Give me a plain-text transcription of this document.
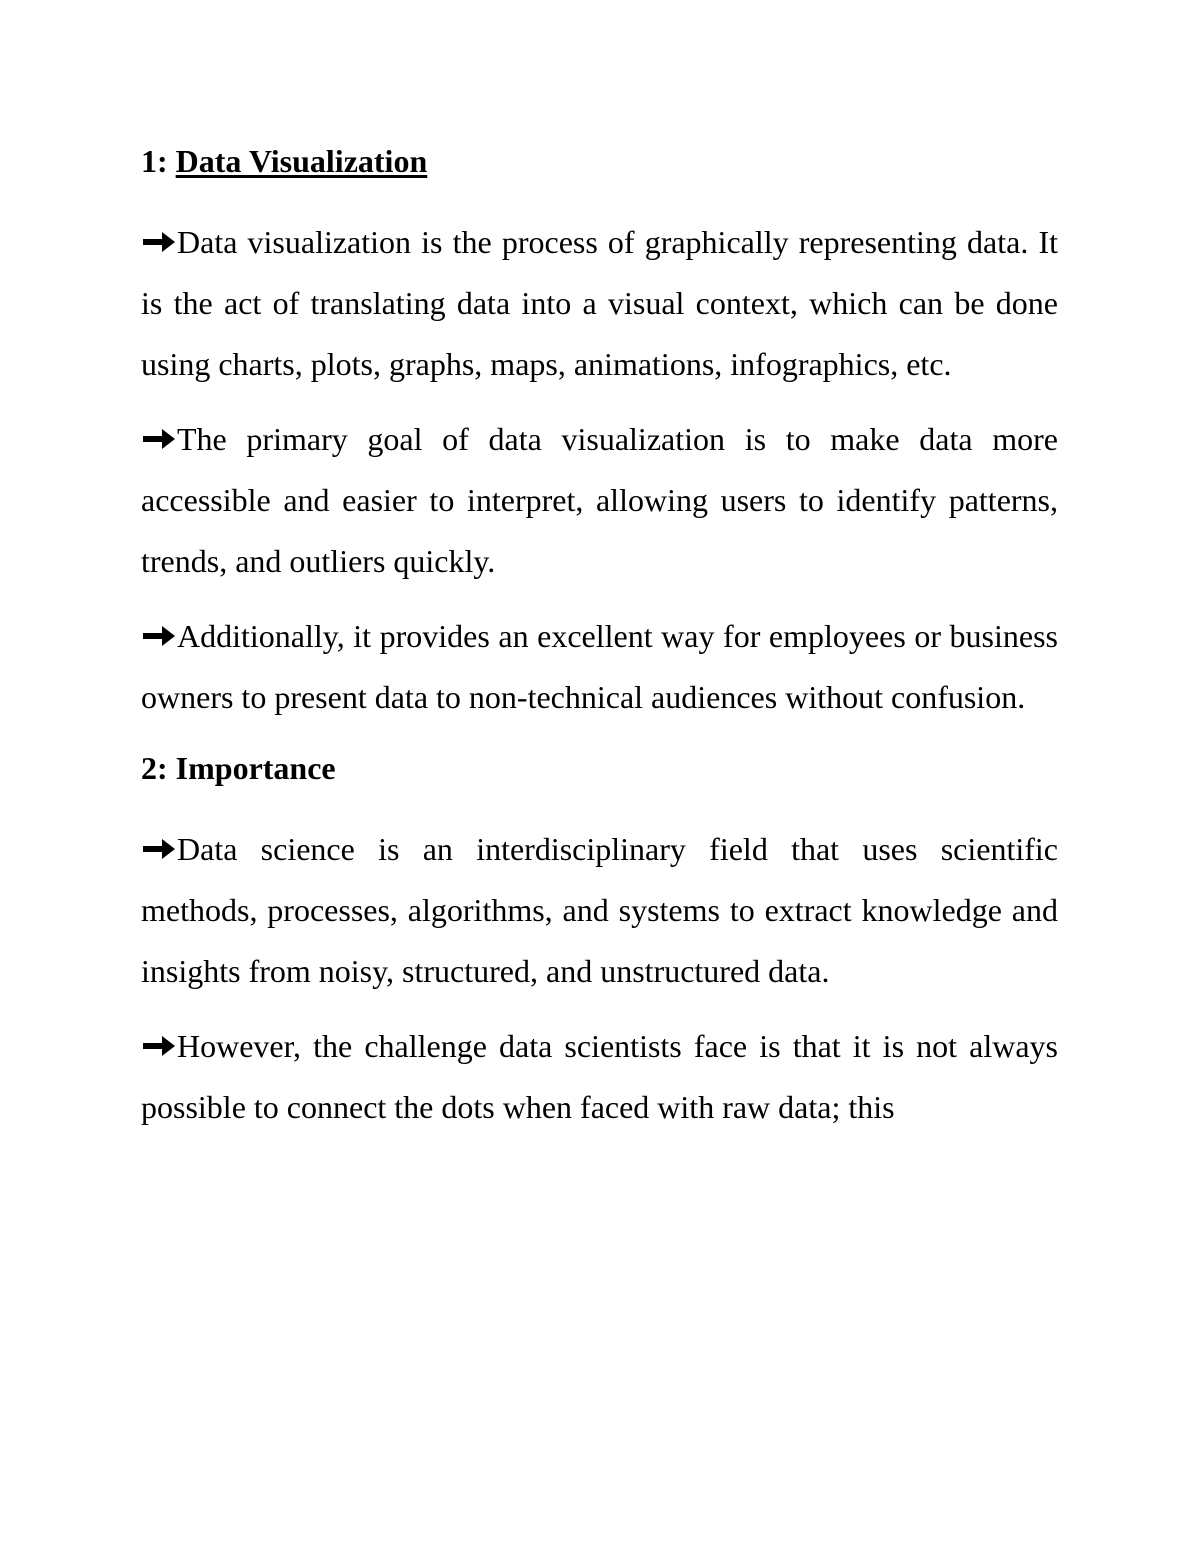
1: Data Visualization
Data visualization is the process of graphically representing data. It is the act of translating data into a visual context, which can be done using charts, plots, graphs, maps, animations, infographics, etc.
The primary goal of data visualization is to make data more accessible and easier to interpret, allowing users to identify patterns, trends, and outliers quickly.
Additionally, it provides an excellent way for employees or business owners to present data to non-technical audiences without confusion.
2: Importance
Data science is an interdisciplinary field that uses scientific methods, processes, algorithms, and systems to extract knowledge and insights from noisy, structured, and unstructured data.
However, the challenge data scientists face is that it is not always possible to connect the dots when faced with raw data; this
